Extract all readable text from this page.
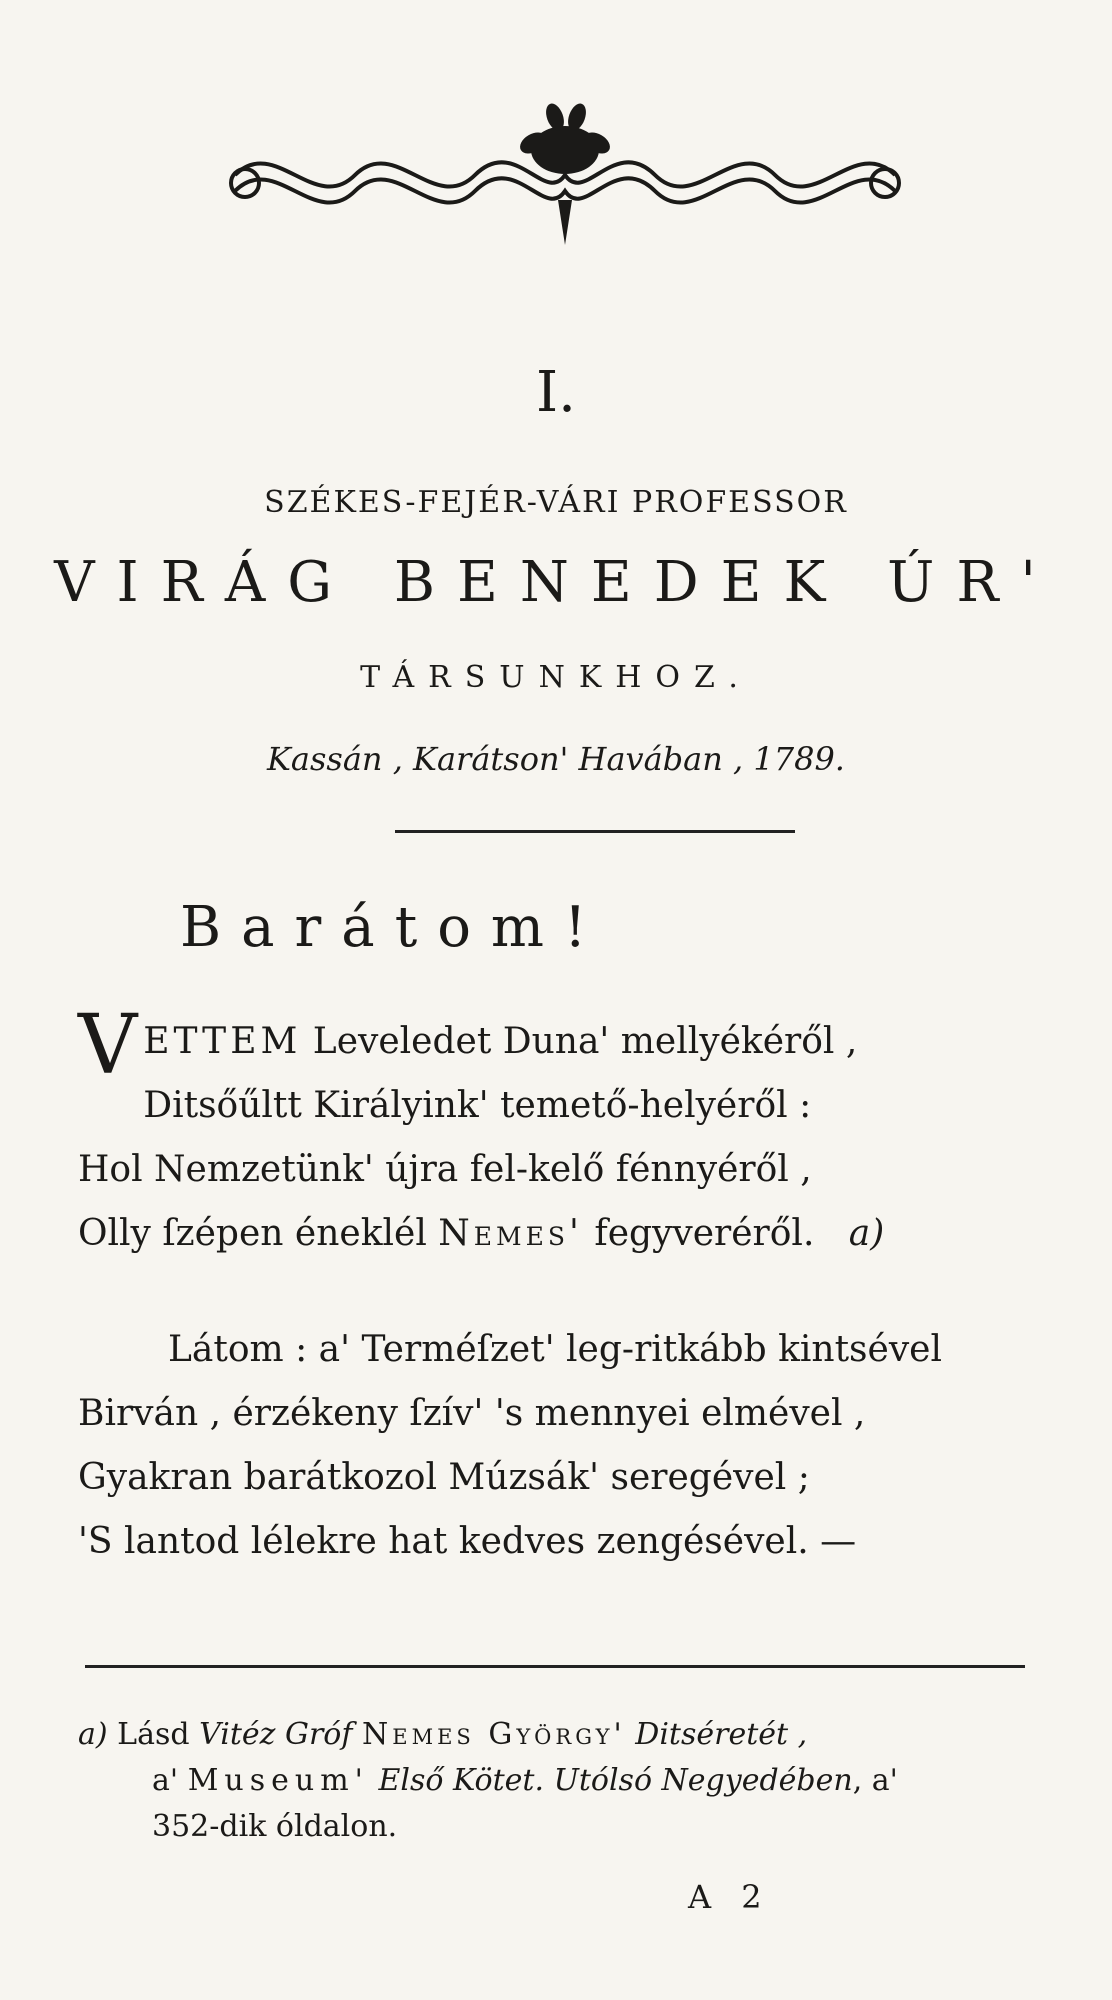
I.
SZÉKES-FEJÉR-VÁRI PROFESSOR
VIRÁG BENEDEK ÚR'
TÁRSUNKHOZ.
Kassán , Karátson' Havában , 1789.
Barátom!
V ETTEM Leveledet Duna' mellyékéről ,
Ditsőűltt Királyink' temető-helyéről :
Hol Nemzetünk' újra fel-kelő fénnyéről ,
Olly ſzépen éneklél Nemes' fegyveréről. a)
Látom : a' Terméſzet' leg-ritkább kintsével
Birván , érzékeny ſzív' 's mennyei elmével ,
Gyakran barátkozol Múzsák' seregével ;
'S lantod lélekre hat kedves zengésével. —
a) Lásd Vitéz Gróf Nemes György' Ditséretét ,
a' Museum' Első Kötet. Utólsó Negyedében, a'
352-dik óldalon.
A 2
